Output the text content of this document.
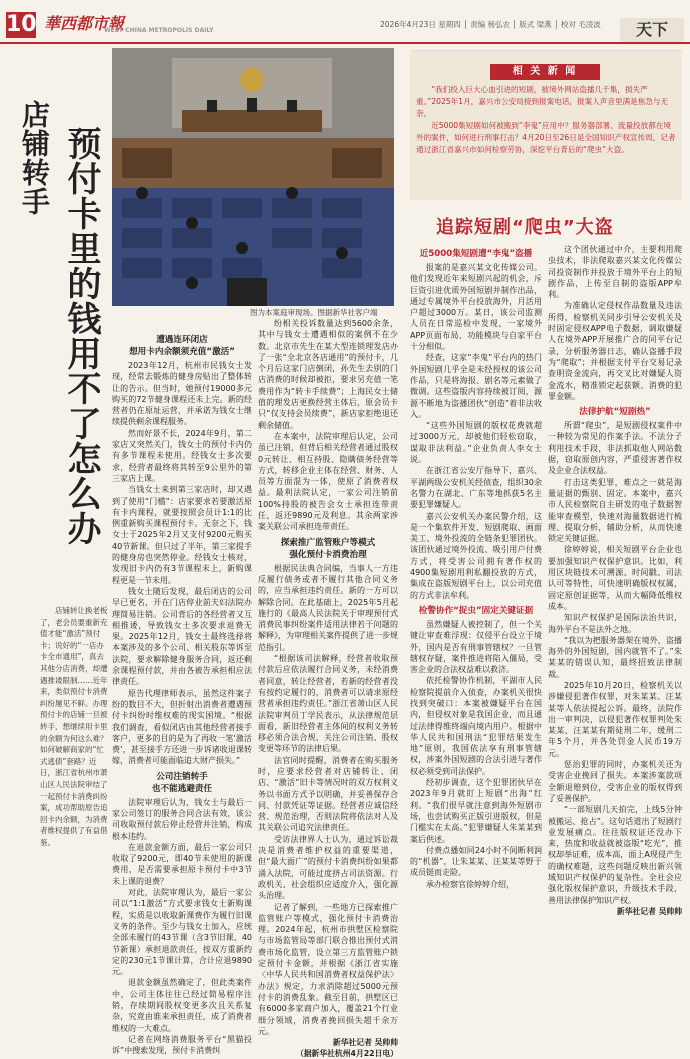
10 華西都市報
WEST CHINA METROPOLIS DAILY
2026年4月23日 星期四 │ 责编 杨弘农 │ 版式 梁燕 │ 校对 毛凌波	天下
店铺转手 预付卡里的钱用不了怎么办	图为本案庭审现场。图据新华社客户端

店铺转让换老板了，老会员要重新充值才能“激活”预付卡；说好的“一店办卡全市通用”，真去其他分店消费，却遭遇推诿限制……近年来，类似预付卡消费纠纷屡见不鲜。办理预付卡的店铺一旦被转手，想继续用卡里的余额为何这么难？如何破解商家的“忙式逃债”套路？近日，浙江省杭州市萧山区人民法院审结了一起预付卡消费纠纷案，成功帮助原告追回卡内余额，为消费者维权提供了有益借鉴。

遭遇连环闭店
想用卡内余额须充值“激活”

2023年12月，杭州市民钱女士发现，经常去锻炼的健身房贴出了整体转让的告示。但当时，她预付19000多元购买的72节健身课程还未上完。新的经营者仍在原址运营，并承诺为钱女士继续提供剩余课程服务。

然而好景不长，2024年9月，第二家店又突然关门，钱女士的预付卡内仍有多节课程未使用。经钱女士多次要求，经营者最终将其转至9公里外的第三家店上课。

当钱女士来到第三家店时，却又遇到了使用“门槛”：店家要求若要激活原有卡内课程，就要按照会员计1:1的比例重新购买课程预付卡。无奈之下，钱女士于2025年2月又支付9200元购买40节新课。但只过了半年，第三家提手的健身房也突然停业。经钱女士核对，发现旧卡内仍有3节课程未上，新购课程更是一节未用。

钱女士随后发现，最后闭店的公司早已更名，开在门店停业前夫妇法院办理简易注销。公司背后的各经营者又互相推诿，导致钱女士多次要求退费无果。2025年12月，钱女士最终选择将本案涉及的多个公司、相关股东等诉至法院，要求解除健身服务合同，返还剩余课程预付款，并由各被告承担相应法律责任。

原告代理律师表示，虽然这件案子纷的数目不大，但折射出消费者遭遇预付卡纠纷时维权难的现实困境。“根据我们调查，看似闭店由其他经营者接手客户，更多的目的是为了再收一笔‘激活费’，甚至接手方还进一步诉诸收退课转嫁，消费者可能面临追大财产损失。”

公司注销转手
也不能逃避责任

法院审理后认为，钱女士与最后一家公司签订的服务合同合法有效，该公司收取预付款后停止经营并注销，构成根本违约。

在退款金额方面，最后一家公司只收取了9200元，即40节未使用的新课费用，是否需要承担原卡预付卡中3节未上课的退费？

对此，法院审理认为，最后一家公司以“1:1激活”方式要求钱女士新购课程，实质是以收取新课费作为履行旧课义务的条件。至少与钱女士加入，应统全部未履行的43节课（含3节旧课、40节新课）承担退款责任，按双方重新约定的230元1节课计算，合计应退9890元。

退款金额虽然确定了，但此类案件中，公司主体往往已经过简易程序注销，存续期间股权变更多次且关系复杂，究竟由谁来承担责任，成了消费者维权的一大难点。

记者在网络消费服务平台“黑猫投诉”中搜索发现，预付卡消费纠

纷相关投诉数量达到5600余条，其中与钱女士遭遇相似的案例不在少数。北京市先生在某大型连锁理发店办了一张“全北京各店通用”的预付卡，几个月后这家门店倒闭，孙先生去别的门店消费的时候却被拒，要求另充值一笔费用作为“转卡手续费”；上海民女士储值的理发店更换经营主体后，原会员卡只“仅支持会员续费”，新店家拒绝退还剩余储值。

在本案中，法院审理后认定，公司虽已注销，但背后相关经营者通过股权0元转让、相互持股、隐瞒债务经营等方式，转移企业主体在经营、财务、人员等方面混为一体，使原了消费者权益。最利法院认定，一家公司注销前100%持股的被告会女士承担连带责任，返还9890元及利息。其余两家涉案关联公司承担连带责任。

探索推广监管账户等模式
强化预付卡消费治理

根据民法典合同编，当事人一方违反履行债务或者不履行其他合同义务的，应当承担违约责任。新的一方可以解除合同。在此基础上，2025年5月起施行的《最高人民法院关于审理预付式消费民事纠纷案件适用法律若干问题的解释》，为审理相关案件提供了进一步规范指引。

“根据该司法解释，经营者收取预付款后应依法履行合同义务，未经消费者同意，转让经营者，若新的经营者没有按约定履行的，消费者可以请求原经营者承担违约责任。”浙江省萧山区人民法院审判员丁学民表示，从法律规范层面看，新旧经营者主体间的权利义务转移必须合法合规，关注公司注销、股权变更等环节的法律后果。

法官同时提醒，消费者在购买服务时，应要求经营者对店铺转让、闭店、“激活”旧卡等情况时的双方权利义务以书面方式予以明确，并妥善保存合同、付款凭证等证据。经营者应诚信经营、规范治理，否则法院将依法对人及其关联公司追究法律责任。

受访法律界人士认为，通过诉讼裁决是消费者维护权益的重要渠道，但“最大面广”的预付卡消费纠纷如果都涌入法院，可能过度挤占司法资源。行政机关、社会组织应适度介入，强化源头治理。

记者了解到，一些地方已探索推广监管账户等模式，强化预付卡消费治理。2024年起，杭州市拱墅区检察院与市场监管局等部门联合推出预付式消费市场化监管，设立第三方监管账户锁定预付卡金额，并根据《浙江省实施〈中华人民共和国消费者权益保护法〉办法》规定，力求消除超过5000元预付卡的消费乱象。截至目前，拱墅区已有6000多家商户加入，覆盖21个行业细分领域，消费者挽回损失超千余万元。

新华社记者 吴帅帅

（据新华社杭州4月22日电）

相 关 新 闻

“我们投入巨大心血引进的短剧，被境外网站盗播几千集，损失严重。”2025年1月，嘉兴市公安局接到报案电话，报案人声音里满是焦急与无奈。

近5000集短剧如何被搬到“李鬼”应用中？服务器部署、流量投放都在境外的案件，如何进行刑事打击？4月20日至26日是全国知识产权宣传周，记者通过浙江省嘉兴市如何检察劳协，深挖平台背后的“爬虫”大盗。

追踪短剧“爬虫”大盗
近5000集短剧遭“李鬼”盗播

报案的是嘉兴某文化传媒公司。他们发现近年来短剧兴起的机会，斥巨资引进优质外国短剧并制作出品，通过专属境外平台投放海外，月活用户超过3000万。某日，该公司监测人员在日常巡检中发现，一家境外APP页面布局、功能模块与自家平台十分相似。

经查，这家“李鬼”平台内的热门外国短剧几乎全是未经授权的该公司作品，只是将海报、剧名等元素做了微调。这些盗版内容持续被订阅，源源不断地为盗播团伙“创造”着非法收入。

“这些外国短剧的版权花费就超过3000万元，却被他们轻松窃取，谋取非法利益。”企业负责人李女士说。

在浙江省公安厅指导下，嘉兴、平湖两级公安机关经侦查，组织30余名警力在湖北、广东等地抓获5名主要犯罪嫌疑人。

嘉兴公安机关办案民警介绍，这是一个集软件开发、短剧爬取、画面美工、境外投流的全链条犯罪团伙。该团伙通过境外投流、吸引用户付费方式，将受害公司拥有著作权的4900集短剧用利私翻投放的方式，集成在盗版短剧平台上，以公司充值的方式非法牟利。

检警协作“捉虫”固定关键证据

虽然嫌疑人被控制了，但一个关键让审查难浮现：仅侵平台设立于境外，国内是否有刑事管辖权？一旦管辖权存疑，案件推进将陷入僵局，受害企业的合法权益难以救济。

依托检警协作机制，平湖市人民检察院提前介入侦查，办案机关很快找到突破口：本案被嫌疑平台在国内，但侵权对象是我国企业，而且通过法律得维终端向境内用户。根据中华人民共和国刑法“犯罪结果发生地”原则，我国依法享有刑事管辖权，涉案外国短剧的合法引进与著作权必须受到司法保护。

经初步调查，这个犯罪团伙早在2023年9月就盯上短剧“出海”红利。“我们很早就注意到海外短剧市场，也尝试购买正版引进版权，但是门槛实在太高。”犯罪嫌疑人朱某某到案后供述。

付费点播如同24小时不间断利润的“机器”，让朱某某、汪某某等野于成员铤而走险。

承办检察官徐婷婷介绍，

这个团伙通过中介，主要利用爬虫技术，非法爬取嘉兴某文化传媒公司投资制作并投放于境外平台上的短剧作品，上传至自制的盗版APP牟利。

为准确认定侵权作品数量及违法所得，检察机关同步引导公安机关及时固定侵权APP电子数据，调取嫌疑人在境外APP开展推广合的同平台记录，分析服务器日志，确认盗播手段为“爬取”；并根据支付平台交易记录查明资金流向，再交叉比对嫌疑人资金流水，精准锁定起获额、消费的犯罪金额。

法律护航“短剧热”

所谓“爬虫”，是短剧侵权案件中一种较为常见的作案手法。不法分子利用技术手段，非法抓取他人网站数据，窃取原创内容，严重侵害著作权及企业合法权益。

打击这类犯罪，难点之一就是海量证据的甄别、固定。本案中，嘉兴市人民检察院自主研发的电子数据智能审查模型，快速对海量数据进行梳理、提取分析，辅助分析，从而快速锁定关键证据。

徐婷婷说，相关短剧平台企业也要加强知识产权保护意识。比如，利用区块链技术可溯源、时间戳、司法认可等特性，可快速明确版权权属，固定原创证据等，从而大幅降低维权成本。

知识产权保护是国际法治共识，海外平台不是法外之地。

“我以为把服务器架在境外，盗播海外的外国短剧，国内就管不了。”朱某某的错误认知，最终招致法律制裁。

2025年10月20日，检察机关以涉嫌侵犯著作权罪，对朱某某、汪某某等人依法提起公诉。最终，法院作出一审判决，以侵犯著作权罪判处朱某某、汪某某有期徒刑二年，缓刑二年5个月，并各处罚金人民币19万元。

惩治犯罪的同时，办案机关还为受害企业挽回了损失。本案涉案款项全额退赔到位，受害企业的版权得到了妥善保护。

“一部短剧几天拍完，上线5分钟被搬运、抢占”。这句话道出了短剧行业发展痛点。往往版权证还没办下来，热度和收益就被盗版“吃光”，推权却举证难，成本高，面上A现侵产生的确权难题，这些问题反映出新兴领域知识产权保护的复杂性。全社会应强化版权保护意识，升级技术手段，善用法律保护知识产权。

新华社记者 吴帅帅
